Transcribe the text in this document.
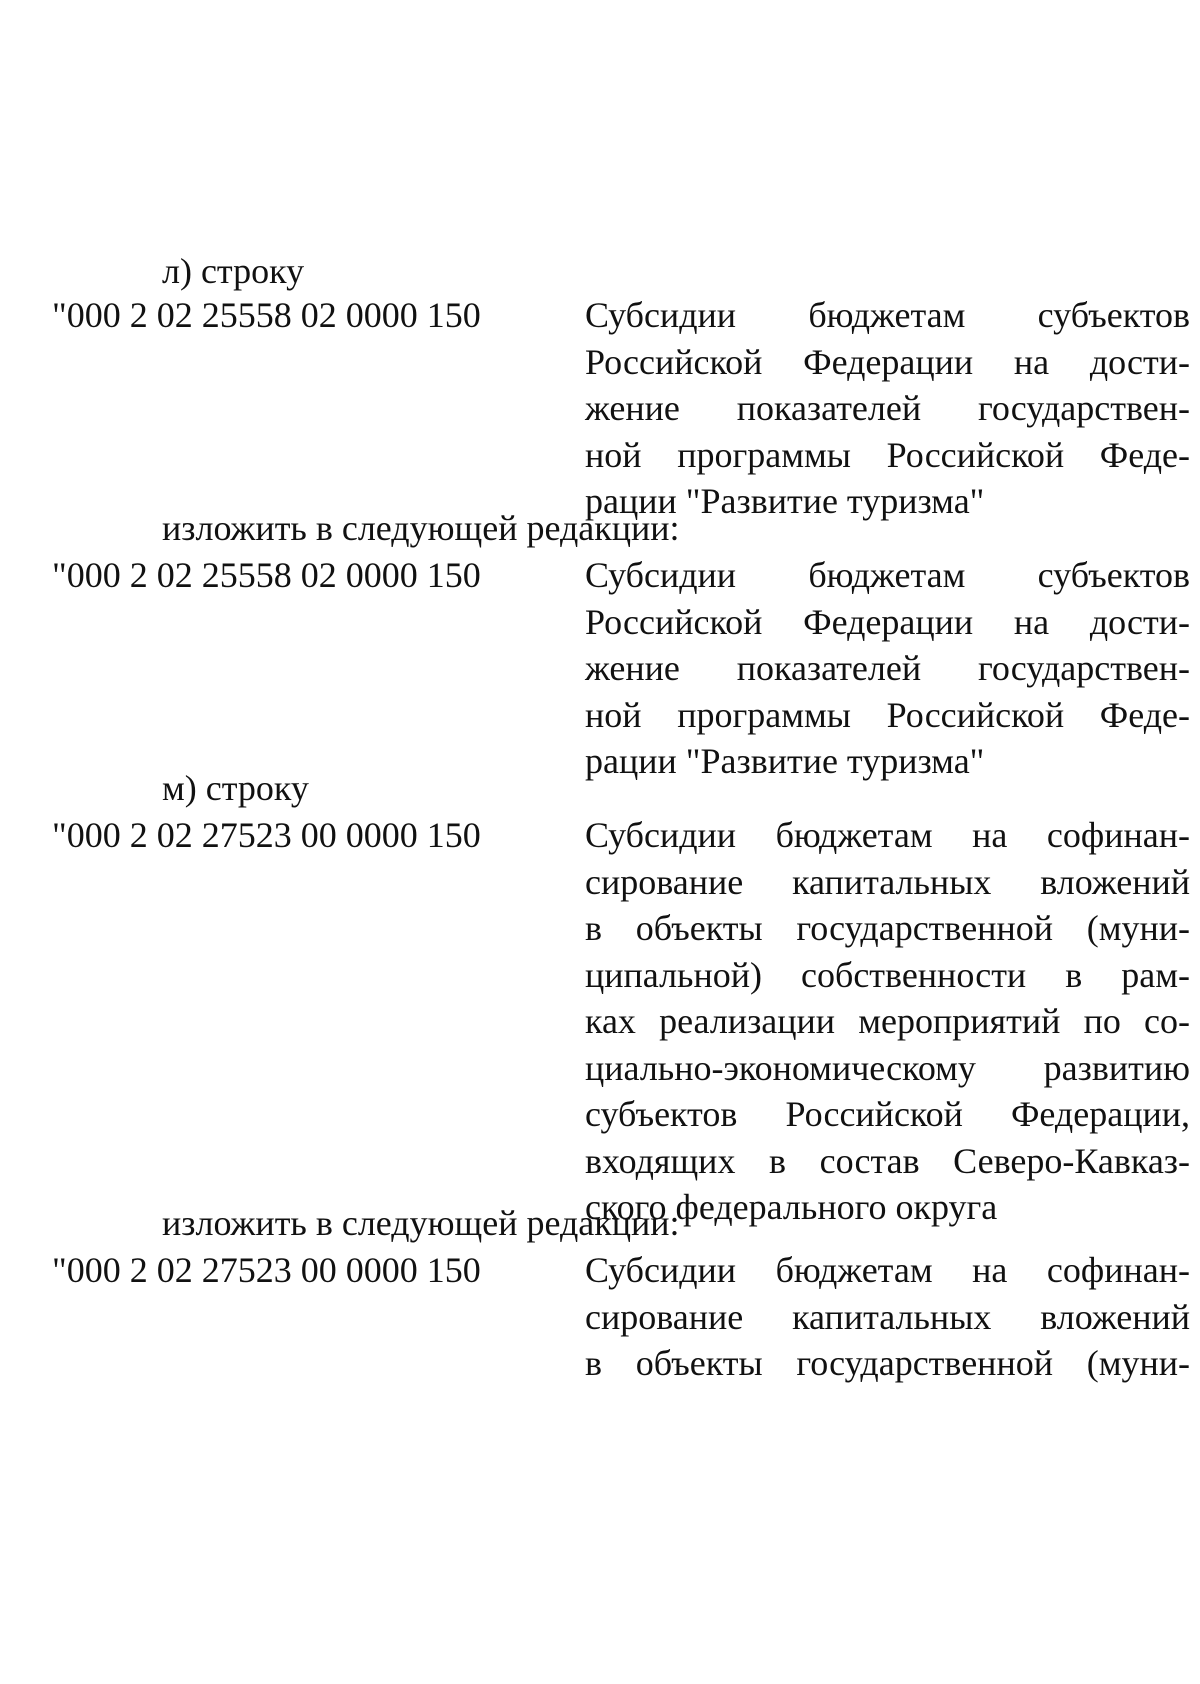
л) строку
"000 2 02 25558 02 0000 150	Субсидии бюджетам субъектов
Российской Федерации на дости-
жение показателей государствен-
ной программы Российской Феде-
рации "Развитие туризма"
изложить в следующей редакции:
"000 2 02 25558 02 0000 150	Субсидии бюджетам субъектов
Российской Федерации на дости-
жение показателей государствен-
ной программы Российской Феде-
рации "Развитие туризма"
м) строку
"000 2 02 27523 00 0000 150	Субсидии бюджетам на софинан-
сирование капитальных вложений
в объекты государственной (муни-
ципальной) собственности в рам-
ках реализации мероприятий по со-
циально-экономическому развитию
субъектов Российской Федерации,
входящих в состав Северо-Кавказ-
ского федерального округа
изложить в следующей редакции:
"000 2 02 27523 00 0000 150	Субсидии бюджетам на софинан-
сирование капитальных вложений
в объекты государственной (муни-
